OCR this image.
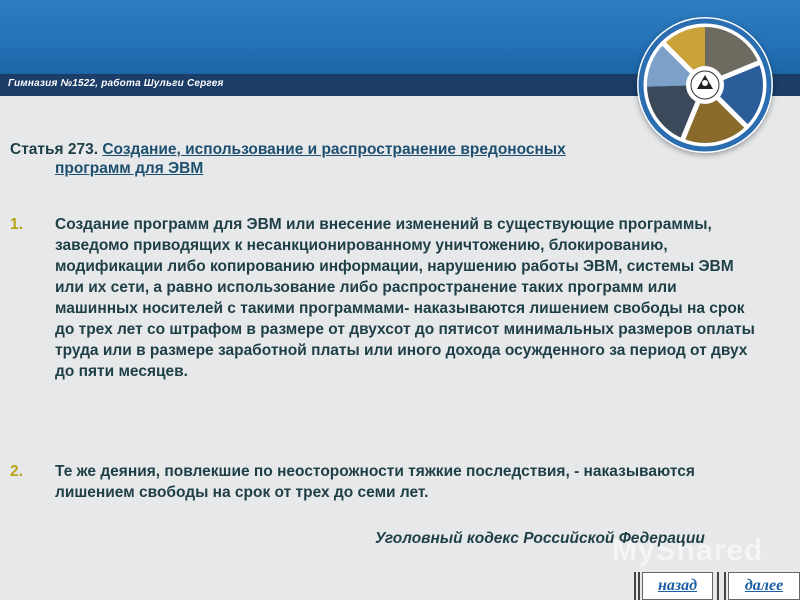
Гимназия №1522, работа Шульги Сергея
Статья 273. Создание, использование и распространение вредоносных
программ для ЭВМ
1.	Создание программ для ЭВМ или внесение изменений в существующие программы, заведомо приводящих к несанкционированному уничтожению, блокированию, модификации либо копированию информации, нарушению работы ЭВМ, системы ЭВМ или их сети, а равно использование либо распространение таких программ или машинных носителей с такими программами- наказываются лишением свободы на срок до трех лет со штрафом в размере от двухсот до пятисот минимальных размеров оплаты труда или в размере заработной платы или иного дохода осужденного за период от двух до пяти месяцев.
2.	Те же деяния, повлекшие по неосторожности тяжкие последствия, - наказываются лишением свободы на срок от трех до семи лет.
MyShared
Уголовный кодекс Российской Федерации
назад	далее
